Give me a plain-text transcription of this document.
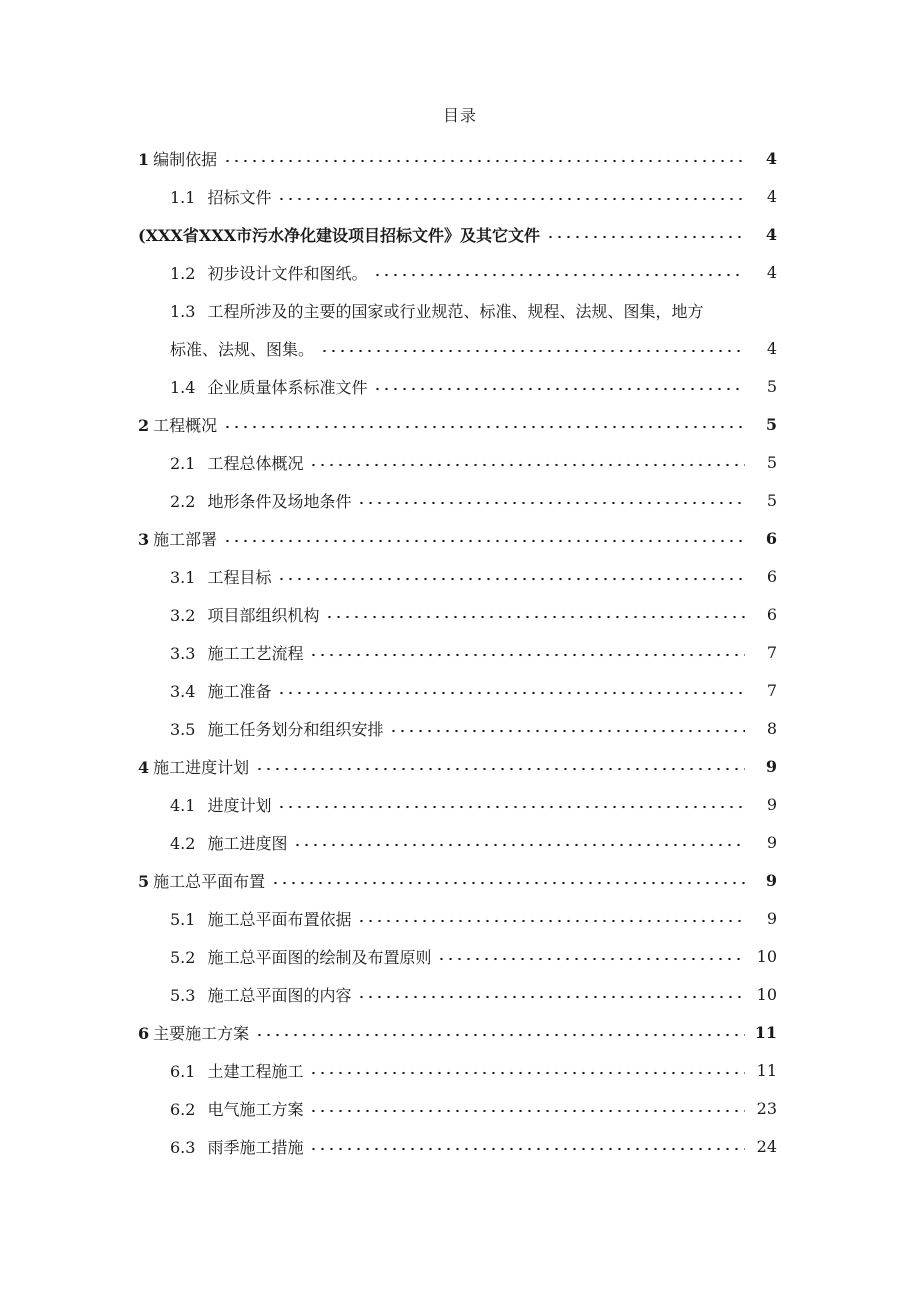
目录
1 编制依据	4
1.1 招标文件	4
(XXX省XXX市污水净化建设项目招标文件》及其它文件	4
1.2 初步设计文件和图纸。	4
1.3 工程所涉及的主要的国家或行业规范、标准、规程、法规、图集，地方
标准、法规、图集。	4
1.4 企业质量体系标准文件	5
2 工程概况	5
2.1 工程总体概况	5
2.2 地形条件及场地条件	5
3 施工部署	6
3.1 工程目标	6
3.2 项目部组织机构	6
3.3 施工工艺流程	7
3.4 施工准备	7
3.5 施工任务划分和组织安排	8
4 施工进度计划	9
4.1 进度计划	9
4.2 施工进度图	9
5 施工总平面布置	9
5.1 施工总平面布置依据	9
5.2 施工总平面图的绘制及布置原则	10
5.3 施工总平面图的内容	10
6 主要施工方案	11
6.1 土建工程施工	11
6.2 电气施工方案	23
6.3 雨季施工措施	24
